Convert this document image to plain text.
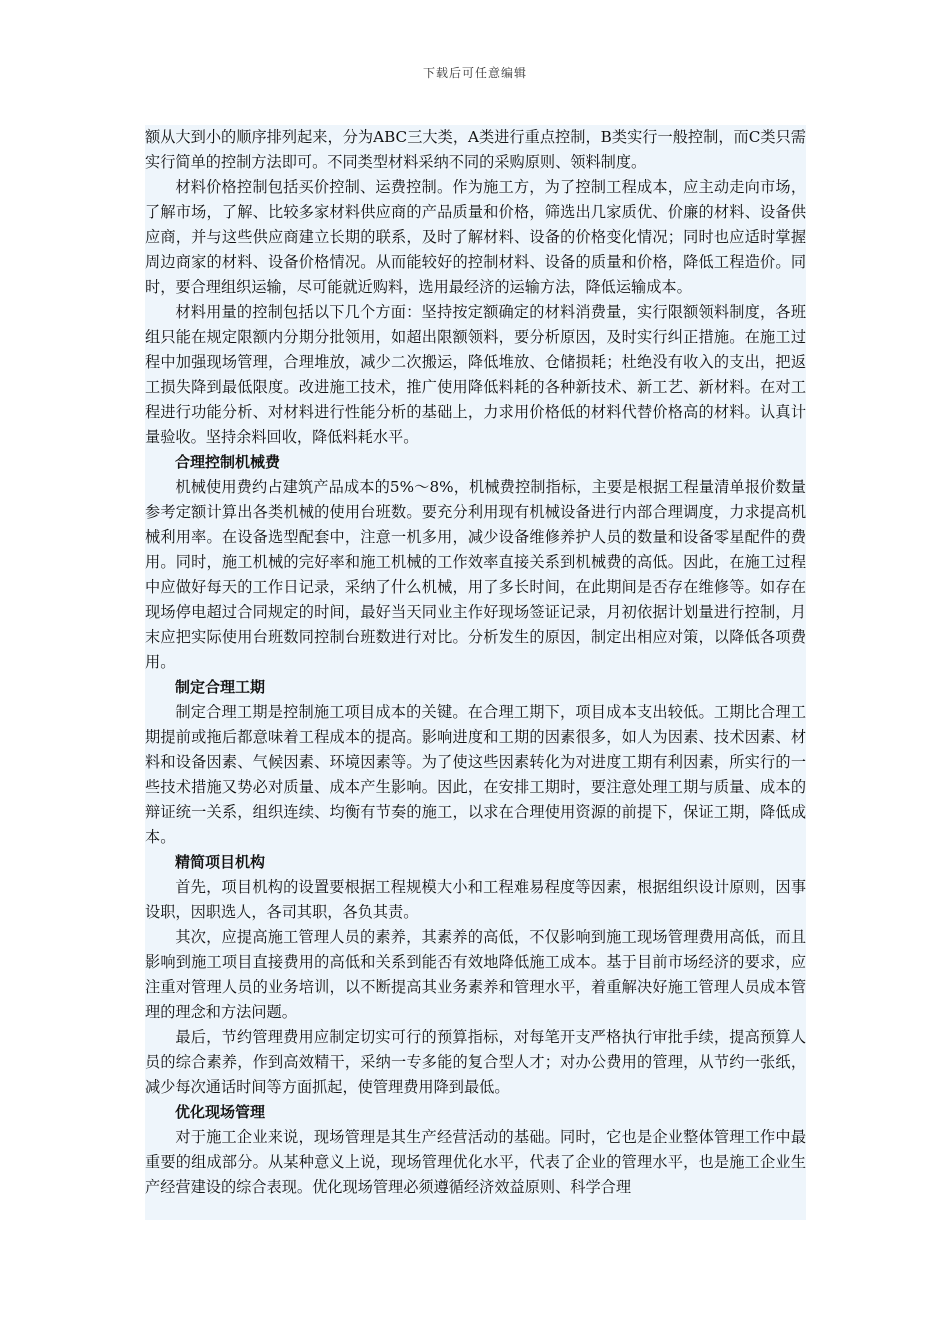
下载后可任意编辑

额从大到小的顺序排列起来，分为ABC三大类，A类进行重点控制，B类实行一般控制，而C类只需实行简单的控制方法即可。不同类型材料采纳不同的采购原则、领料制度。

材料价格控制包括买价控制、运费控制。作为施工方，为了控制工程成本，应主动走向市场，了解市场，了解、比较多家材料供应商的产品质量和价格，筛选出几家质优、价廉的材料、设备供应商，并与这些供应商建立长期的联系，及时了解材料、设备的价格变化情况；同时也应适时掌握周边商家的材料、设备价格情况。从而能较好的控制材料、设备的质量和价格，降低工程造价。同时，要合理组织运输，尽可能就近购料，选用最经济的运输方法，降低运输成本。

材料用量的控制包括以下几个方面：坚持按定额确定的材料消费量，实行限额领料制度，各班组只能在规定限额内分期分批领用，如超出限额领料，要分析原因，及时实行纠正措施。在施工过程中加强现场管理，合理堆放，减少二次搬运，降低堆放、仓储损耗；杜绝没有收入的支出，把返工损失降到最低限度。改进施工技术，推广使用降低料耗的各种新技术、新工艺、新材料。在对工程进行功能分析、对材料进行性能分析的基础上，力求用价格低的材料代替价格高的材料。认真计量验收。坚持余料回收，降低料耗水平。

合理控制机械费

机械使用费约占建筑产品成本的5%～8%，机械费控制指标，主要是根据工程量清单报价数量参考定额计算出各类机械的使用台班数。要充分利用现有机械设备进行内部合理调度，力求提高机械利用率。在设备选型配套中，注意一机多用，减少设备维修养护人员的数量和设备零星配件的费用。同时，施工机械的完好率和施工机械的工作效率直接关系到机械费的高低。因此，在施工过程中应做好每天的工作日记录，采纳了什么机械，用了多长时间，在此期间是否存在维修等。如存在现场停电超过合同规定的时间，最好当天同业主作好现场签证记录，月初依据计划量进行控制，月末应把实际使用台班数同控制台班数进行对比。分析发生的原因，制定出相应对策，以降低各项费用。

制定合理工期

制定合理工期是控制施工项目成本的关键。在合理工期下，项目成本支出较低。工期比合理工期提前或拖后都意味着工程成本的提高。影响进度和工期的因素很多，如人为因素、技术因素、材料和设备因素、气候因素、环境因素等。为了使这些因素转化为对进度工期有利因素，所实行的一些技术措施又势必对质量、成本产生影响。因此，在安排工期时，要注意处理工期与质量、成本的辩证统一关系，组织连续、均衡有节奏的施工，以求在合理使用资源的前提下，保证工期，降低成本。

精简项目机构

首先，项目机构的设置要根据工程规模大小和工程难易程度等因素，根据组织设计原则，因事设职，因职选人，各司其职，各负其责。

其次，应提高施工管理人员的素养，其素养的高低，不仅影响到施工现场管理费用高低，而且影响到施工项目直接费用的高低和关系到能否有效地降低施工成本。基于目前市场经济的要求，应注重对管理人员的业务培训，以不断提高其业务素养和管理水平，着重解决好施工管理人员成本管理的理念和方法问题。

最后，节约管理费用应制定切实可行的预算指标，对每笔开支严格执行审批手续，提高预算人员的综合素养，作到高效精干，采纳一专多能的复合型人才；对办公费用的管理，从节约一张纸，减少每次通话时间等方面抓起，使管理费用降到最低。

优化现场管理

对于施工企业来说，现场管理是其生产经营活动的基础。同时，它也是企业整体管理工作中最重要的组成部分。从某种意义上说，现场管理优化水平，代表了企业的管理水平，也是施工企业生产经营建设的综合表现。优化现场管理必须遵循经济效益原则、科学合理
